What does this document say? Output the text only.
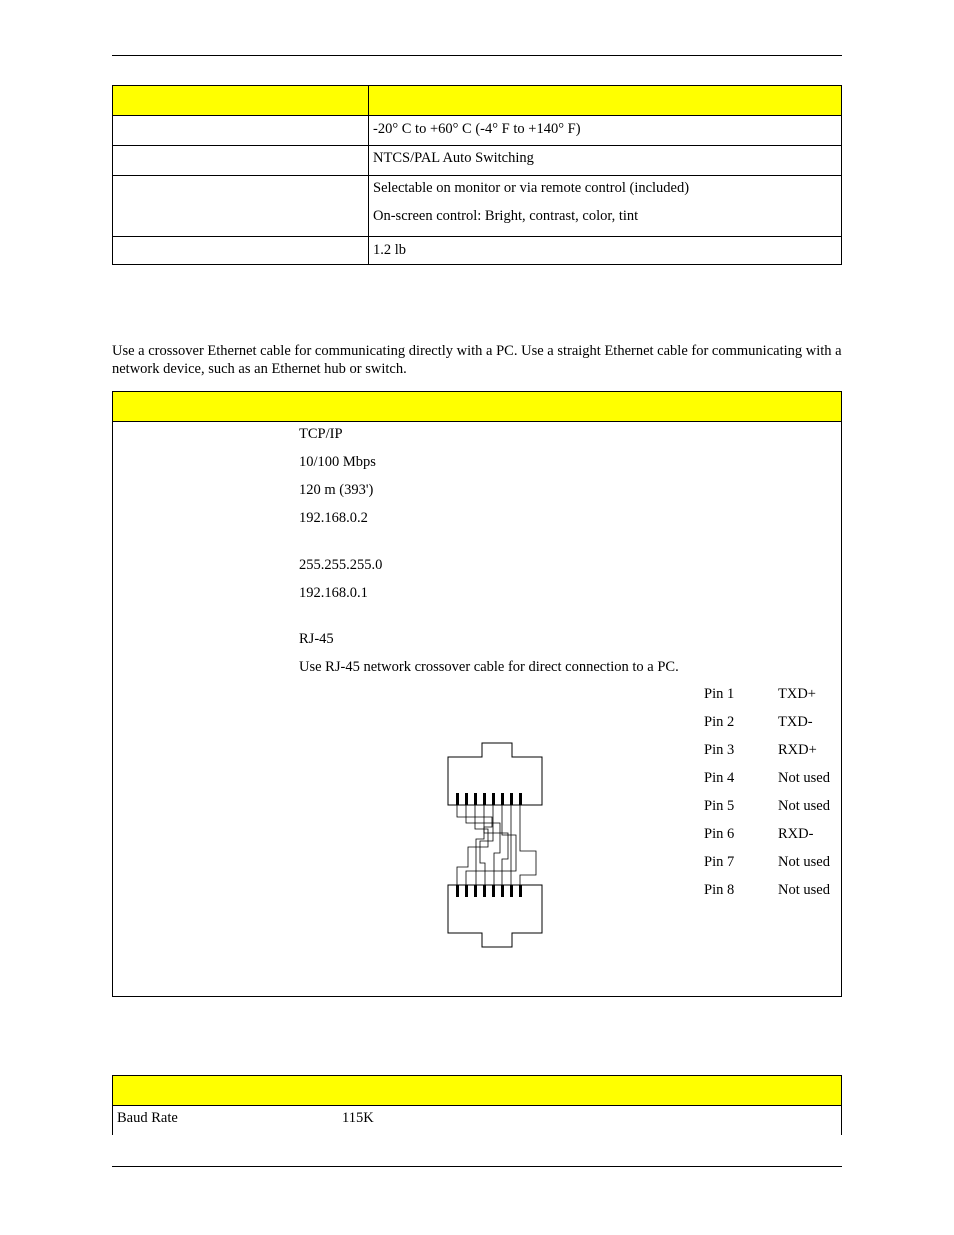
-20° C to +60° C (-4° F to +140° F)
NTCS/PAL Auto Switching
Selectable on monitor or via remote control (included)
On-screen control: Bright, contrast, color, tint
1.2 lb
Use a crossover Ethernet cable for communicating directly with a PC. Use a straight Ethernet cable for communicating with a network device, such as an Ethernet hub or switch.
TCP/IP
10/100 Mbps
120 m (393')
192.168.0.2
255.255.255.0
192.168.0.1
RJ-45
Use RJ-45 network crossover cable for direct connection to a PC.
Pin 1	TXD+
Pin 2	TXD-
Pin 3	RXD+
Pin 4	Not used
Pin 5	Not used
Pin 6	RXD-
Pin 7	Not used
Pin 8	Not used
Baud Rate	115K
